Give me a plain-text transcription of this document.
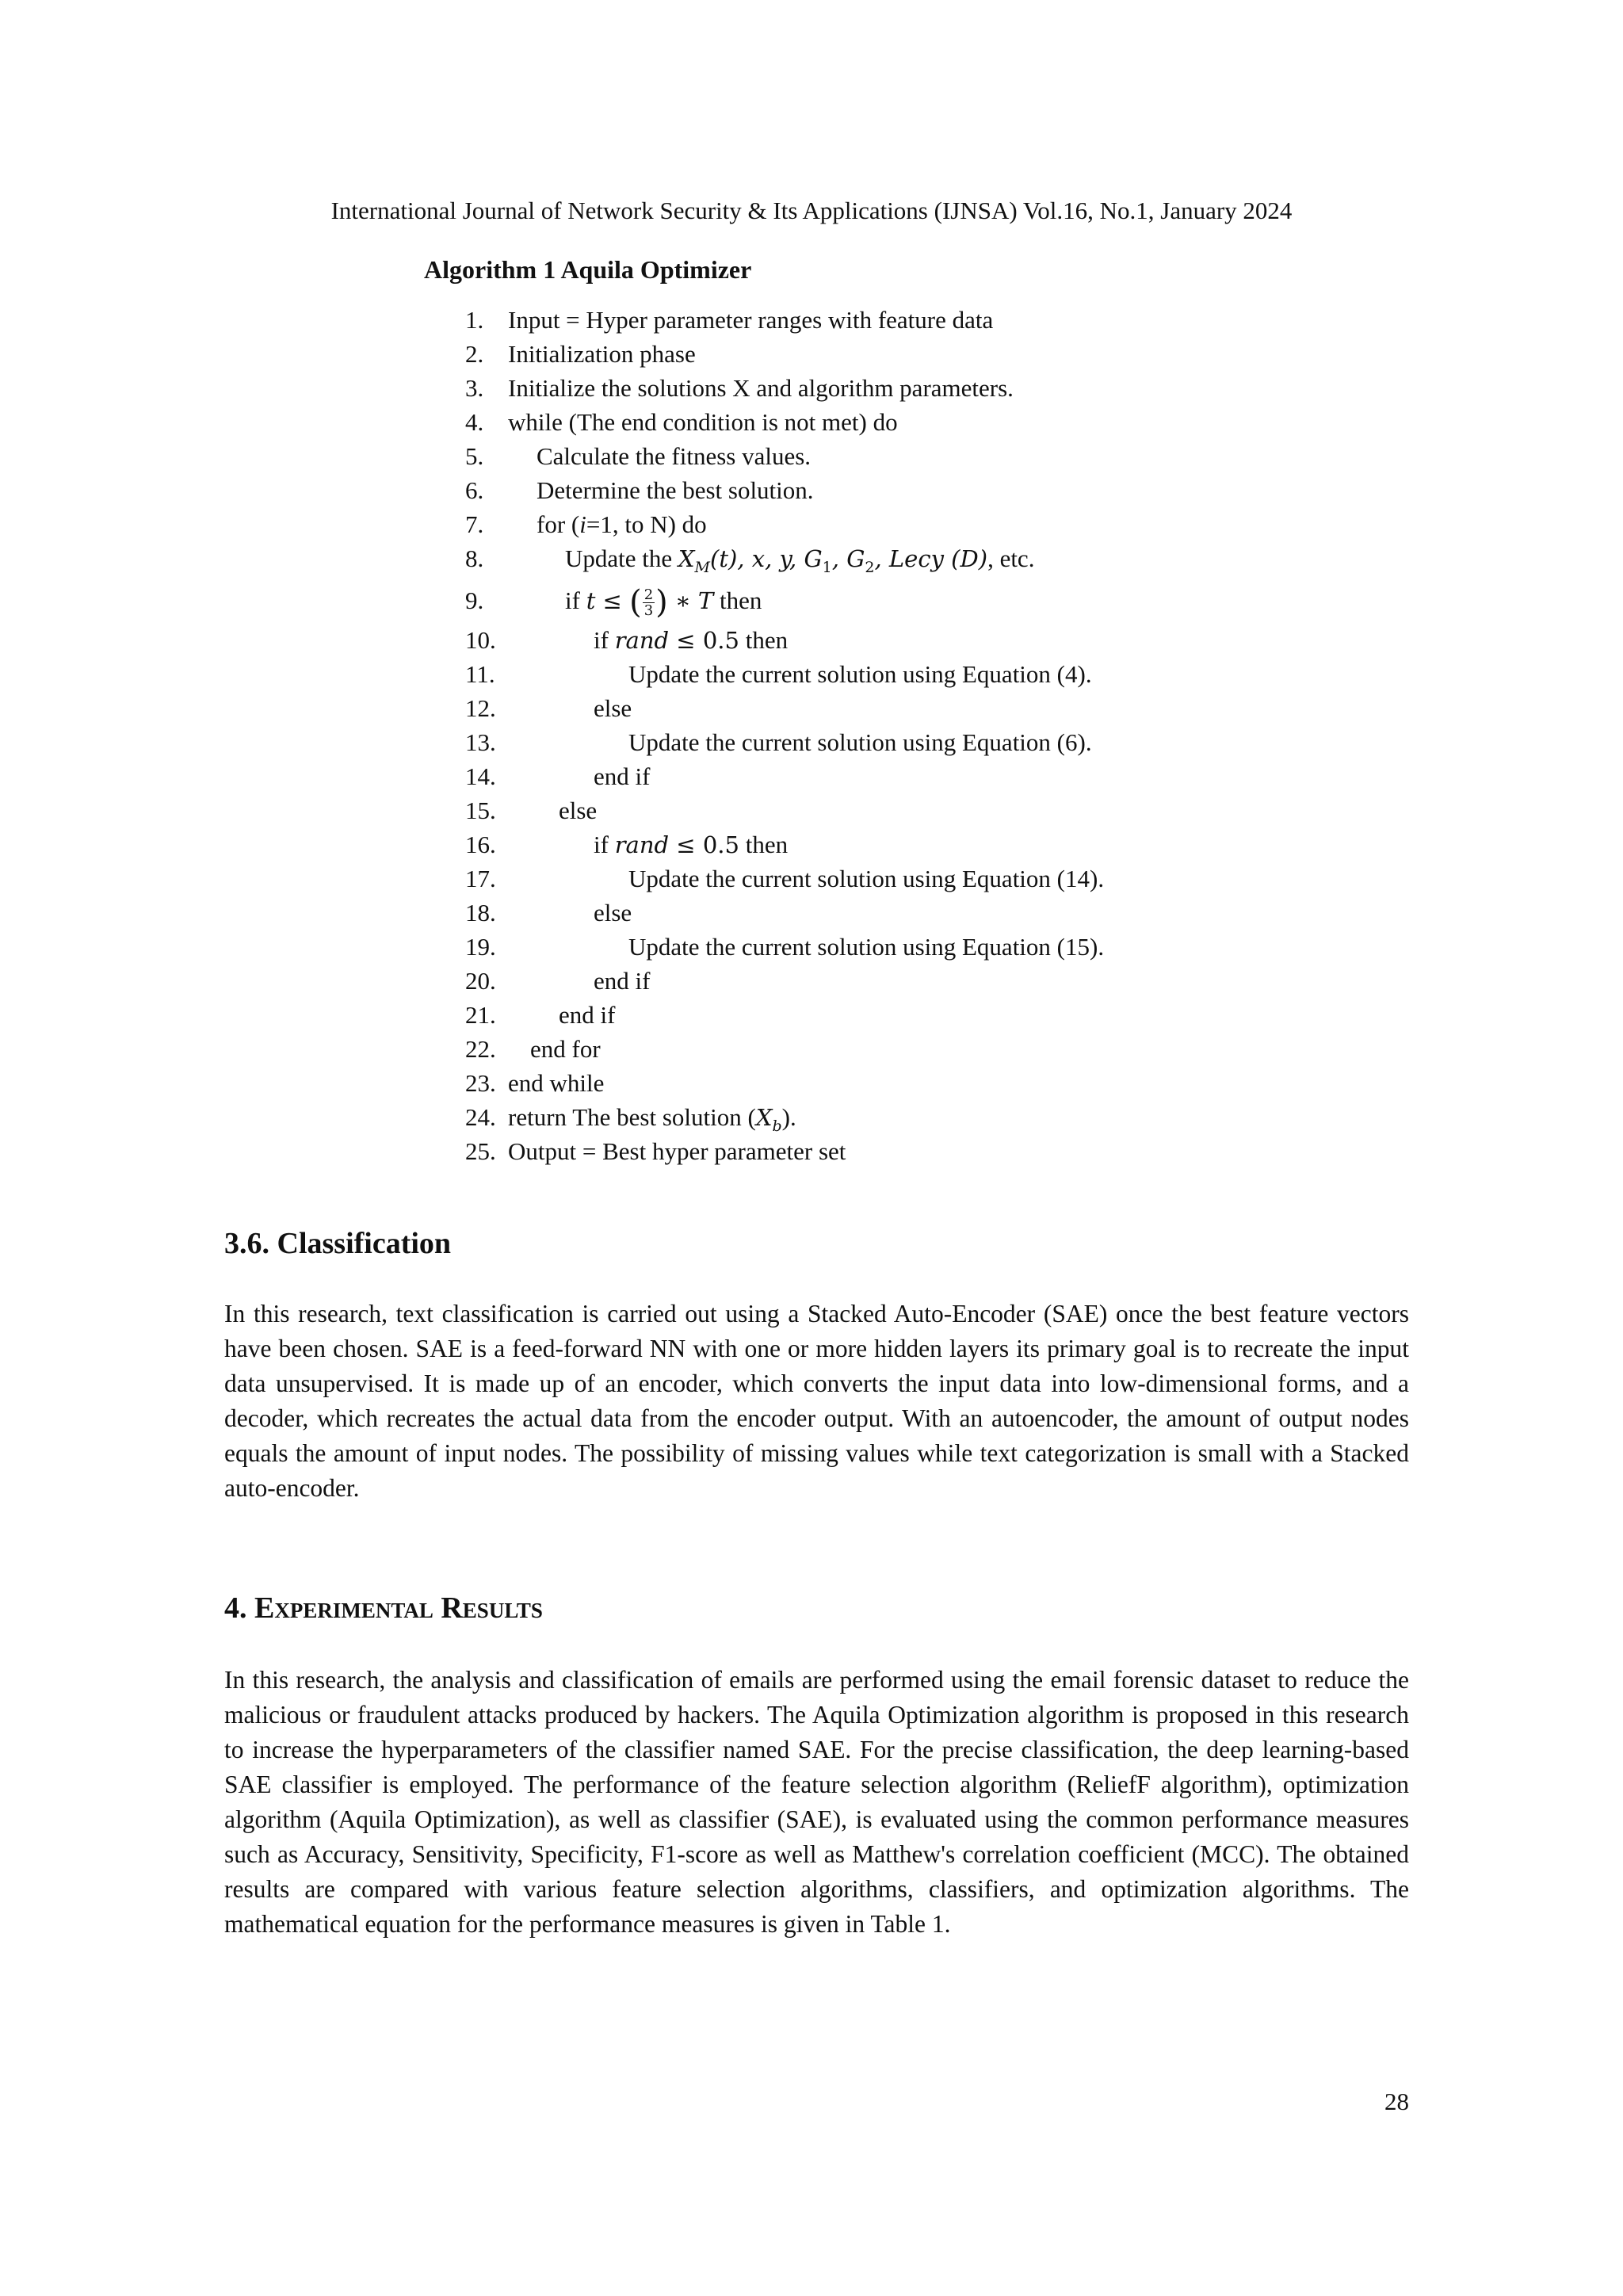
International Journal of Network Security & Its Applications (IJNSA) Vol.16, No.1, January 2024

Algorithm 1 Aquila Optimizer

1. Input = Hyper parameter ranges with feature data
2. Initialization phase
3. Initialize the solutions X and algorithm parameters.
4. while (The end condition is not met) do
5. Calculate the fitness values.
6. Determine the best solution.
7. for (i=1, to N) do
8.	Update the $X_M(t)$, x, y, $G_1$, $G_2$, Lecy (D), etc.
9.	if t ≤ ( $\frac{2}{3}$ ) ∗ T then
10.	if rand ≤ 0.5 then
11.	Update the current solution using Equation (4).
12.	else
13.	Update the current solution using Equation (6).
14.	end if
15.	else
16.	if rand ≤ 0.5 then
17.	Update the current solution using Equation (14).
18.	else
19.	Update the current solution using Equation (15).
20.	end if
21.	end if
22. end for
23. end while
24. return The best solution $(X_b)$.
25. Output = Best hyper parameter set
3.6. Classification

In this research, text classification is carried out using a Stacked Auto-Encoder (SAE) once the best feature vectors have been chosen. SAE is a feed-forward NN with one or more hidden layers its primary goal is to recreate the input data unsupervised. It is made up of an encoder, which converts the input data into low-dimensional forms, and a decoder, which recreates the actual data from the encoder output. With an autoencoder, the amount of output nodes equals the amount of input nodes. The possibility of missing values while text categorization is small with a Stacked auto-encoder.

4. Experimental Results

In this research, the analysis and classification of emails are performed using the email forensic dataset to reduce the malicious or fraudulent attacks produced by hackers. The Aquila Optimization algorithm is proposed in this research to increase the hyperparameters of the classifier named SAE. For the precise classification, the deep learning-based SAE classifier is employed. The performance of the feature selection algorithm (ReliefF algorithm), optimization algorithm (Aquila Optimization), as well as classifier (SAE), is evaluated using the common performance measures such as Accuracy, Sensitivity, Specificity, F1-score as well as Matthew's correlation coefficient (MCC). The obtained results are compared with various feature selection algorithms, classifiers, and optimization algorithms. The mathematical equation for the performance measures is given in Table 1.

28
